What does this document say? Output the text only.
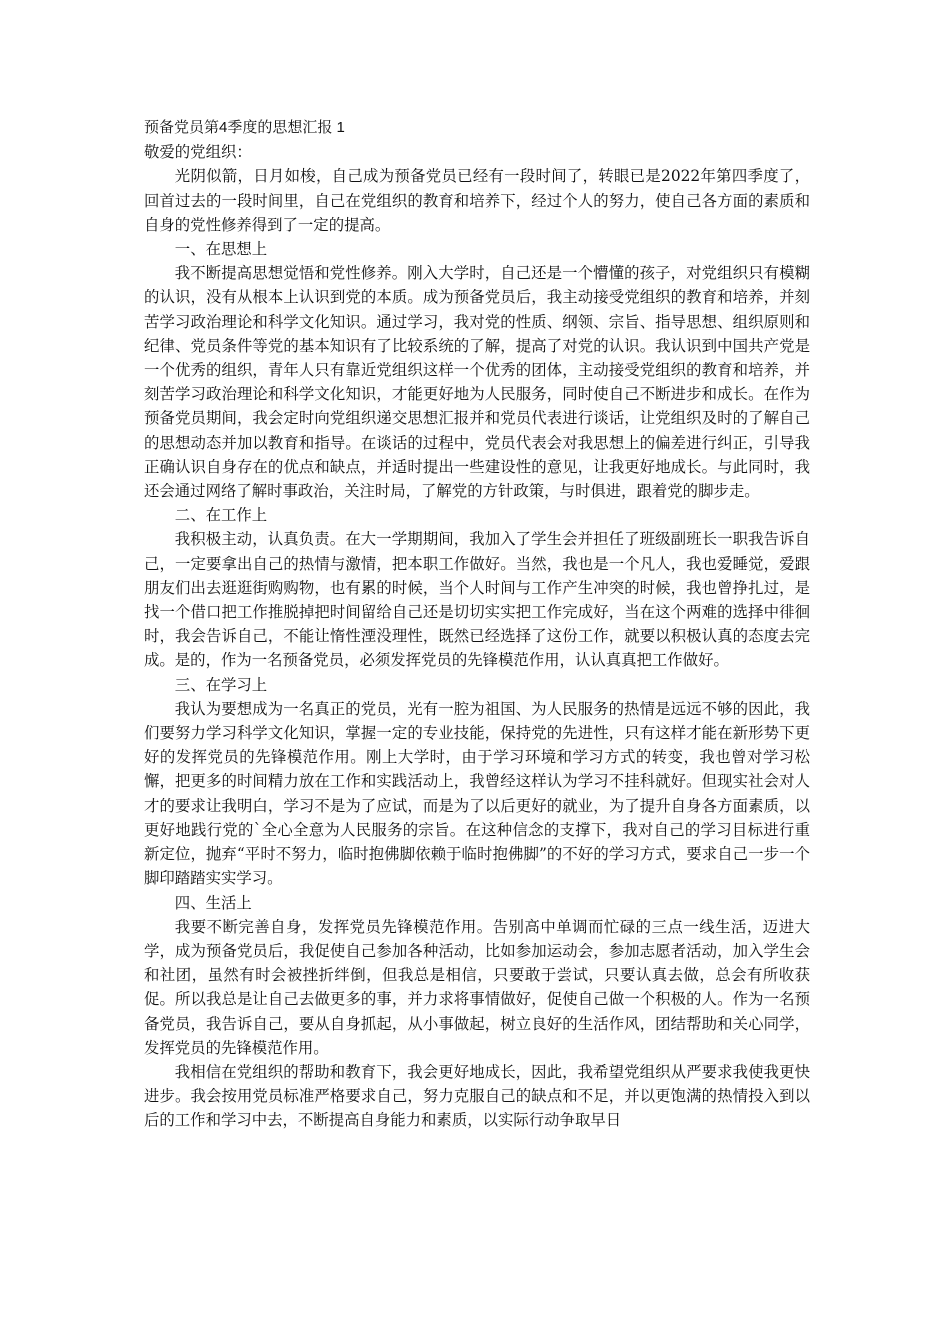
预备党员第4季度的思想汇报 1

敬爱的党组织：

光阴似箭，日月如梭，自己成为预备党员已经有一段时间了，转眼已是2022年第四季度了，回首过去的一段时间里，自己在党组织的教育和培养下，经过个人的努力，使自己各方面的素质和自身的党性修养得到了一定的提高。

一、在思想上

我不断提高思想觉悟和党性修养。刚入大学时，自己还是一个懵懂的孩子，对党组织只有模糊的认识，没有从根本上认识到党的本质。成为预备党员后，我主动接受党组织的教育和培养，并刻苦学习政治理论和科学文化知识。通过学习，我对党的性质、纲领、宗旨、指导思想、组织原则和纪律、党员条件等党的基本知识有了比较系统的了解，提高了对党的认识。我认识到中国共产党是一个优秀的组织，青年人只有靠近党组织这样一个优秀的团体，主动接受党组织的教育和培养，并刻苦学习政治理论和科学文化知识，才能更好地为人民服务，同时使自己不断进步和成长。在作为预备党员期间，我会定时向党组织递交思想汇报并和党员代表进行谈话，让党组织及时的了解自己的思想动态并加以教育和指导。在谈话的过程中，党员代表会对我思想上的偏差进行纠正，引导我正确认识自身存在的优点和缺点，并适时提出一些建设性的意见，让我更好地成长。与此同时，我还会通过网络了解时事政治，关注时局，了解党的方针政策，与时俱进，跟着党的脚步走。

二、在工作上

我积极主动，认真负责。在大一学期期间，我加入了学生会并担任了班级副班长一职我告诉自己，一定要拿出自己的热情与激情，把本职工作做好。当然，我也是一个凡人，我也爱睡觉，爱跟朋友们出去逛逛街购购物，也有累的时候，当个人时间与工作产生冲突的时候，我也曾挣扎过，是找一个借口把工作推脱掉把时间留给自己还是切切实实把工作完成好，当在这个两难的选择中徘徊时，我会告诉自己，不能让惰性湮没理性，既然已经选择了这份工作，就要以积极认真的态度去完成。是的，作为一名预备党员，必须发挥党员的先锋模范作用，认认真真把工作做好。

三、在学习上

我认为要想成为一名真正的党员，光有一腔为祖国、为人民服务的热情是远远不够的因此，我们要努力学习科学文化知识，掌握一定的专业技能，保持党的先进性，只有这样才能在新形势下更好的发挥党员的先锋模范作用。刚上大学时，由于学习环境和学习方式的转变，我也曾对学习松懈，把更多的时间精力放在工作和实践活动上，我曾经这样认为学习不挂科就好。但现实社会对人才的要求让我明白，学习不是为了应试，而是为了以后更好的就业，为了提升自身各方面素质，以更好地践行党的`全心全意为人民服务的宗旨。在这种信念的支撑下，我对自己的学习目标进行重新定位，抛弃“平时不努力，临时抱佛脚依赖于临时抱佛脚”的不好的学习方式，要求自己一步一个脚印踏踏实实学习。

四、生活上

我要不断完善自身，发挥党员先锋模范作用。告别高中单调而忙碌的三点一线生活，迈进大学，成为预备党员后，我促使自己参加各种活动，比如参加运动会，参加志愿者活动，加入学生会和社团，虽然有时会被挫折绊倒，但我总是相信，只要敢于尝试，只要认真去做，总会有所收获促。所以我总是让自己去做更多的事，并力求将事情做好，促使自己做一个积极的人。作为一名预备党员，我告诉自己，要从自身抓起，从小事做起，树立良好的生活作风，团结帮助和关心同学，发挥党员的先锋模范作用。

我相信在党组织的帮助和教育下，我会更好地成长，因此，我希望党组织从严要求我使我更快进步。我会按用党员标准严格要求自己，努力克服自己的缺点和不足，并以更饱满的热情投入到以后的工作和学习中去，不断提高自身能力和素质，以实际行动争取早日
